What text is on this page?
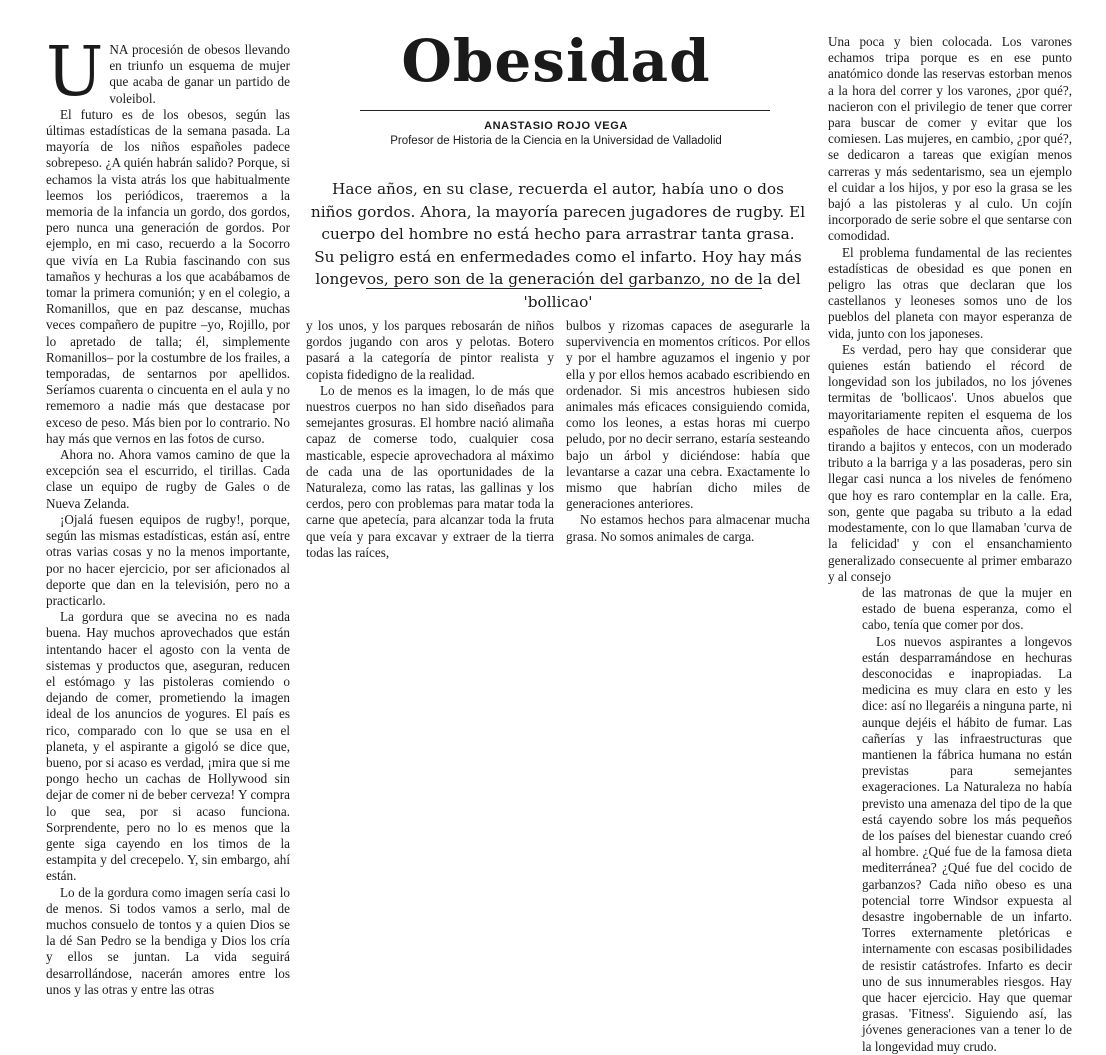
Obesidad
ANASTASIO ROJO VEGA
Profesor de Historia de la Ciencia en la Universidad de Valladolid
Hace años, en su clase, recuerda el autor, había uno o dos niños gordos. Ahora, la mayoría parecen jugadores de rugby. El cuerpo del hombre no está hecho para arrastrar tanta grasa. Su peligro está en enfermedades como el infarto. Hoy hay más longevos, pero son de la generación del garbanzo, no de la del 'bollicao'

UNA procesión de obesos llevando en triunfo un esquema de mujer que acaba de ganar un partido de voleibol.

El futuro es de los obesos, según las últimas estadísticas de la semana pasada. La mayoría de los niños españoles padece sobrepeso. ¿A quién habrán salido? Porque, si echamos la vista atrás los que habitualmente leemos los periódicos, traeremos a la memoria de la infancia un gordo, dos gordos, pero nunca una generación de gordos. Por ejemplo, en mi caso, recuerdo a la Socorro que vivía en La Rubia fascinando con sus tamaños y hechuras a los que acabábamos de tomar la primera comunión; y en el colegio, a Romanillos, que en paz descanse, muchas veces compañero de pupitre –yo, Rojillo, por lo apretado de talla; él, simplemente Romanillos– por la costumbre de los frailes, a temporadas, de sentarnos por apellidos. Seríamos cuarenta o cincuenta en el aula y no rememoro a nadie más que destacase por exceso de peso. Más bien por lo contrario. No hay más que vernos en las fotos de curso.

Ahora no. Ahora vamos camino de que la excepción sea el escurrido, el tirillas. Cada clase un equipo de rugby de Gales o de Nueva Zelanda.

¡Ojalá fuesen equipos de rugby!, porque, según las mismas estadísticas, están así, entre otras varias cosas y no la menos importante, por no hacer ejercicio, por ser aficionados al deporte que dan en la televisión, pero no a practicarlo.

La gordura que se avecina no es nada buena. Hay muchos aprovechados que están intentando hacer el agosto con la venta de sistemas y productos que, aseguran, reducen el estómago y las pistoleras comiendo o dejando de comer, prometiendo la imagen ideal de los anuncios de yogures. El país es rico, comparado con lo que se usa en el planeta, y el aspirante a gigoló se dice que, bueno, por si acaso es verdad, ¡mira que si me pongo hecho un cachas de Hollywood sin dejar de comer ni de beber cerveza! Y compra lo que sea, por si acaso funciona. Sorprendente, pero no lo es menos que la gente siga cayendo en los timos de la estampita y del crecepelo. Y, sin embargo, ahí están.

Lo de la gordura como imagen sería casi lo de menos. Si todos vamos a serlo, mal de muchos consuelo de tontos y a quien Dios se la dé San Pedro se la bendiga y Dios los cría y ellos se juntan. La vida seguirá desarrollándose, nacerán amores entre los unos y las otras y entre las otras

y los unos, y los parques rebosarán de niños gordos jugando con aros y pelotas. Botero pasará a la categoría de pintor realista y copista fidedigno de la realidad.

Lo de menos es la imagen, lo de más que nuestros cuerpos no han sido diseñados para semejantes grosuras. El hombre nació alimaña capaz de comerse todo, cualquier cosa masticable, especie aprovechadora al máximo de cada una de las oportunidades de la Naturaleza, como las ratas, las gallinas y los cerdos, pero con problemas para matar toda la carne que apetecía, para alcanzar toda la fruta que veía y para excavar y extraer de la tierra todas las raíces,

bulbos y rizomas capaces de asegurarle la supervivencia en momentos críticos. Por ellos y por el hambre aguzamos el ingenio y por ella y por ellos hemos acabado escribiendo en ordenador. Si mis ancestros hubiesen sido animales más eficaces consiguiendo comida, como los leones, a estas horas mi cuerpo peludo, por no decir serrano, estaría sesteando bajo un árbol y diciéndose: había que levantarse a cazar una cebra. Exactamente lo mismo que habrían dicho miles de generaciones anteriores.

No estamos hechos para almacenar mucha grasa. No somos animales de carga.

Una poca y bien colocada. Los varones echamos tripa porque es en ese punto anatómico donde las reservas estorban menos a la hora del correr y los varones, ¿por qué?, nacieron con el privilegio de tener que correr para buscar de comer y evitar que los comiesen. Las mujeres, en cambio, ¿por qué?, se dedicaron a tareas que exigían menos carreras y más sedentarismo, sea un ejemplo el cuidar a los hijos, y por eso la grasa se les bajó a las pistoleras y al culo. Un cojín incorporado de serie sobre el que sentarse con comodidad.

El problema fundamental de las recientes estadísticas de obesidad es que ponen en peligro las otras que declaran que los castellanos y leoneses somos uno de los pueblos del planeta con mayor esperanza de vida, junto con los japoneses.

Es verdad, pero hay que considerar que quienes están batiendo el récord de longevidad son los jubilados, no los jóvenes termitas de 'bollicaos'. Unos abuelos que mayoritariamente repiten el esquema de los españoles de hace cincuenta años, cuerpos tirando a bajitos y entecos, con un moderado tributo a la barriga y a las posaderas, pero sin llegar casi nunca a los niveles de fenómeno que hoy es raro contemplar en la calle. Era, son, gente que pagaba su tributo a la edad modestamente, con lo que llamaban 'curva de la felicidad' y con el ensanchamiento generalizado consecuente al primer embarazo y al consejo

de las matronas de que la mujer en estado de buena esperanza, como el cabo, tenía que comer por dos.

Los nuevos aspirantes a longevos están desparramándose en hechuras desconocidas e inapropiadas. La medicina es muy clara en esto y les dice: así no llegaréis a ninguna parte, ni aunque dejéis el hábito de fumar. Las cañerías y las infraestructuras que mantienen la fábrica humana no están previstas para semejantes exageraciones. La Naturaleza no había previsto una amenaza del tipo de la que está cayendo sobre los más pequeños de los países del bienestar cuando creó al hombre. ¿Qué fue de la famosa dieta mediterránea? ¿Qué fue del cocido de garbanzos? Cada niño obeso es una potencial torre Windsor expuesta al desastre ingobernable de un infarto. Torres externamente pletóricas e internamente con escasas posibilidades de resistir catástrofes. Infarto es decir uno de sus innumerables riesgos. Hay que hacer ejercicio. Hay que quemar grasas. 'Fitness'. Siguiendo así, las jóvenes generaciones van a tener lo de la longevidad muy crudo.
